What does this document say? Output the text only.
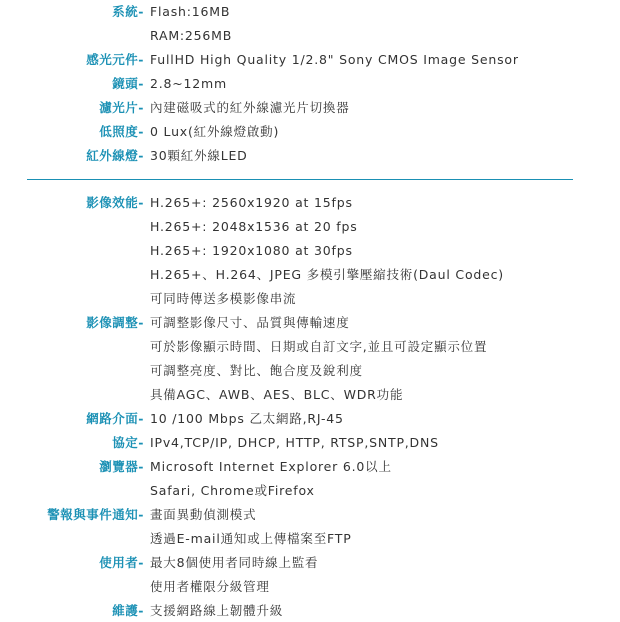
系統- Flash:16MB
RAM:256MB
感光元件- FullHD High Quality 1/2.8" Sony CMOS Image Sensor
鏡頭- 2.8~12mm
濾光片- 內建磁吸式的紅外線濾光片切換器
低照度- 0 Lux(紅外線燈啟動)
紅外線燈- 30顆紅外線LED
影像效能- H.265+: 2560x1920 at 15fps
H.265+: 2048x1536 at 20 fps
H.265+: 1920x1080 at 30fps
H.265+、H.264、JPEG 多模引擎壓縮技術(Daul Codec)
可同時傳送多模影像串流
影像調整- 可調整影像尺寸、品質與傳輸速度
可於影像顯示時間、日期或自訂文字,並且可設定顯示位置
可調整亮度、對比、飽合度及銳利度
具備AGC、AWB、AES、BLC、WDR功能
網路介面- 10 /100 Mbps 乙太網路,RJ-45
協定- IPv4,TCP/IP, DHCP, HTTP, RTSP,SNTP,DNS
瀏覽器- Microsoft Internet Explorer 6.0以上
Safari, Chrome或Firefox
警報與事件通知- 畫面異動偵測模式
透過E-mail通知或上傳檔案至FTP
使用者- 最大8個使用者同時線上監看
使用者權限分級管理
維護- 支援網路線上韌體升級
